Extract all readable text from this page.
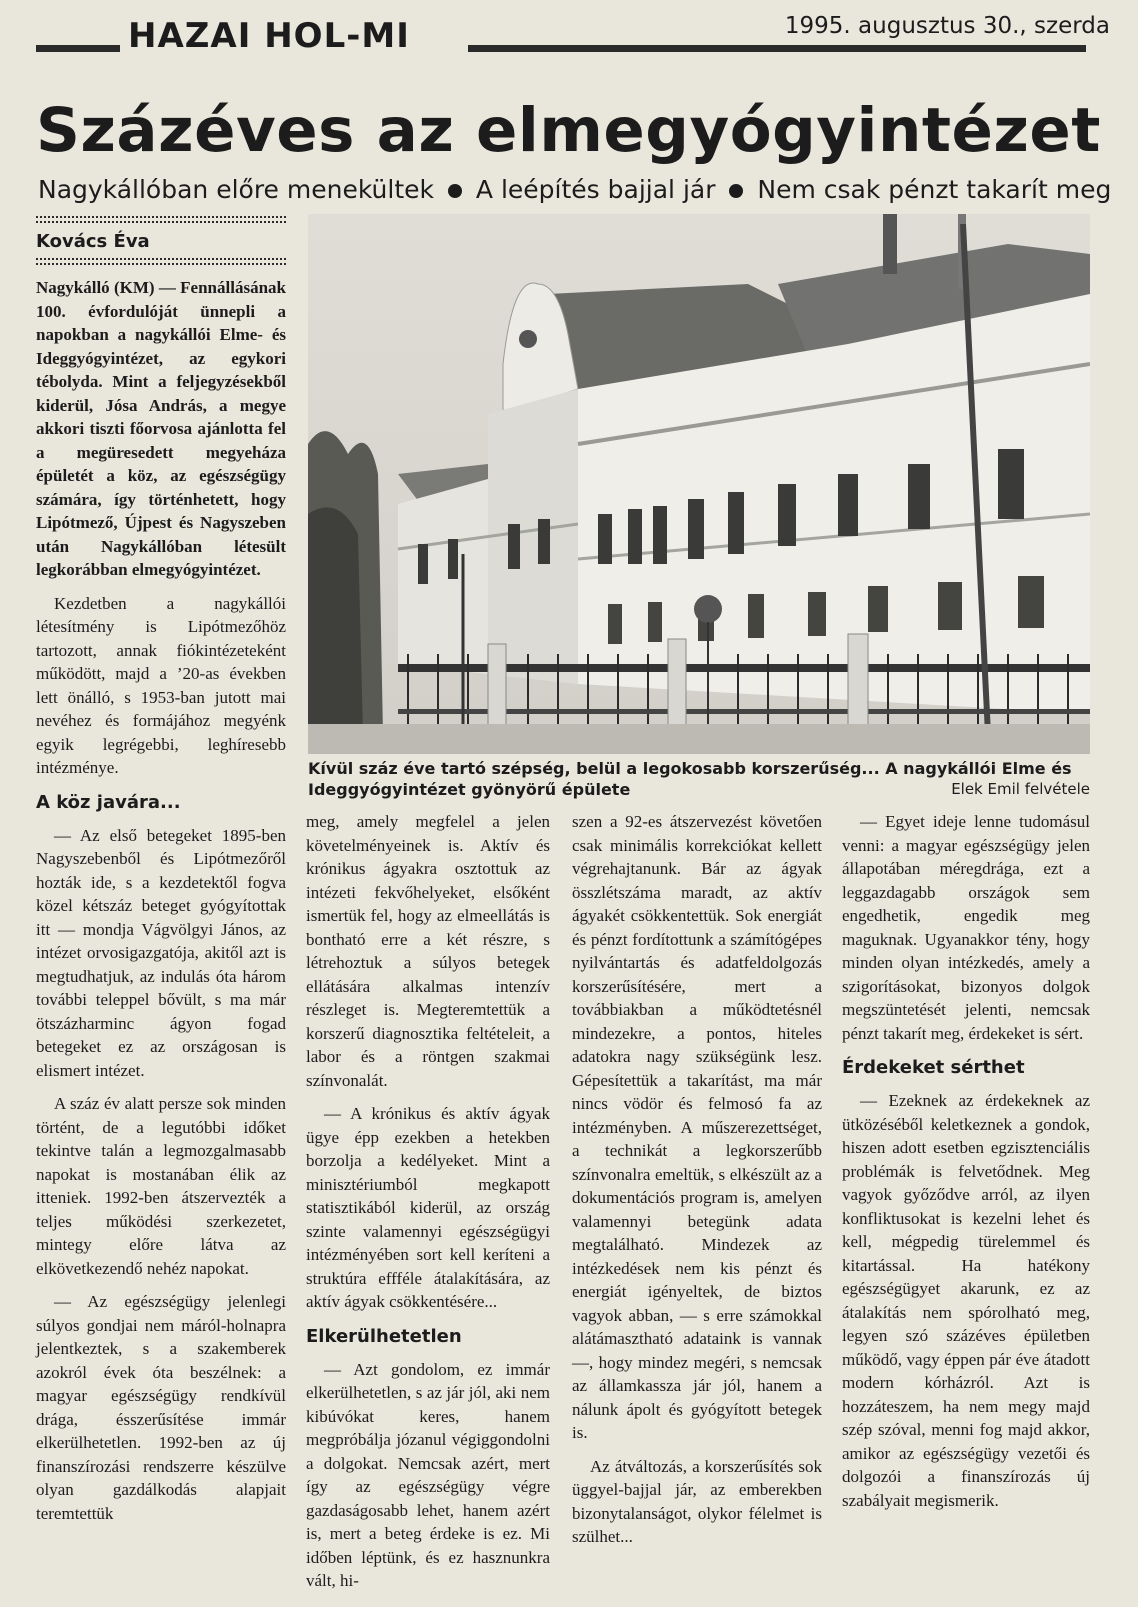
HAZAI HOL-MI	1995. augusztus 30., szerda
Százéves az elmegyógyintézet
Nagykállóban előre menekültek A leépítés bajjal jár Nem csak pénzt takarít meg

Kovács Éva

Nagykálló (KM) — Fennállásának 100. évfordulóját ünnepli a napokban a nagykállói Elme- és Ideggyógyintézet, az egykori tébolyda. Mint a feljegyzésekből kiderül, Jósa András, a megye akkori tiszti főorvosa ajánlotta fel a megüresedett megyeháza épületét a köz, az egészségügy számára, így történhetett, hogy Lipótmező, Újpest és Nagyszeben után Nagykállóban létesült legkorábban elmegyógyintézet.

Kezdetben a nagykállói létesítmény is Lipótmezőhöz tartozott, annak fiókintézeteként működött, majd a ’20-as években lett önálló, s 1953-ban jutott mai nevéhez és formájához megyénk egyik legrégebbi, leghíresebb intézménye.

A köz javára...

— Az első betegeket 1895-ben Nagyszebenből és Lipótmezőről hozták ide, s a kezdetektől fogva közel kétszáz beteget gyógyítottak itt — mondja Vágvölgyi János, az intézet orvosigazgatója, akitől azt is megtudhatjuk, az indulás óta három további teleppel bővült, s ma már ötszázharminc ágyon fogad betegeket ez az országosan is elismert intézet.

A száz év alatt persze sok minden történt, de a legutóbbi időket tekintve talán a legmozgalmasabb napokat is mostanában élik az itteniek. 1992-ben átszervezték a teljes működési szerkezetet, mintegy előre látva az elkövetkezendő nehéz napokat.

— Az egészségügy jelenlegi súlyos gondjai nem máról-holnapra jelentkeztek, s a szakemberek azokról évek óta beszélnek: a magyar egészségügy rendkívül drága, ésszerűsítése immár elkerülhetetlen. 1992-ben az új finanszírozási rendszerre készülve olyan gazdálkodás alapjait teremtettük

Kívül száz éve tartó szépség, belül a legokosabb korszerűség... A nagykállói Elme és Ideggyógyintézet gyönyörű épülete	Elek Emil felvétele

meg, amely megfelel a jelen követelményeinek is. Aktív és krónikus ágyakra osztottuk az intézeti fekvőhelyeket, elsőként ismertük fel, hogy az elmeellátás is bontható erre a két részre, s létrehoztuk a súlyos betegek ellátására alkalmas intenzív részleget is. Megteremtettük a korszerű diagnosztika feltételeit, a labor és a röntgen szakmai színvonalát.

— A krónikus és aktív ágyak ügye épp ezekben a hetekben borzolja a kedélyeket. Mint a minisztériumból megkapott statisztikából kiderül, az ország szinte valamennyi egészségügyi intézményében sort kell keríteni a struktúra effféle átalakítására, az aktív ágyak csökkentésére...

Elkerülhetetlen

— Azt gondolom, ez immár elkerülhetetlen, s az jár jól, aki nem kibúvókat keres, hanem megpróbálja józanul végiggondolni a dolgokat. Nemcsak azért, mert így az egészségügy végre gazdaságosabb lehet, hanem azért is, mert a beteg érdeke is ez. Mi időben léptünk, és ez hasznunkra vált, hi-

szen a 92-es átszervezést követően csak minimális korrekciókat kellett végrehajtanunk. Bár az ágyak összlétszáma maradt, az aktív ágyakét csökkentettük. Sok energiát és pénzt fordítottunk a számítógépes nyilvántartás és adatfeldolgozás korszerűsítésére, mert a továbbiakban a működtetésnél mindezekre, a pontos, hiteles adatokra nagy szükségünk lesz. Gépesítettük a takarítást, ma már nincs vödör és felmosó fa az intézményben. A műszerezettséget, a technikát a legkorszerűbb színvonalra emeltük, s elkészült az a dokumentációs program is, amelyen valamennyi betegünk adata megtalálható. Mindezek az intézkedések nem kis pénzt és energiát igényeltek, de biztos vagyok abban, — s erre számokkal alátámasztható adataink is vannak —, hogy mindez megéri, s nemcsak az államkassza jár jól, hanem a nálunk ápolt és gyógyított betegek is.

Az átváltozás, a korszerűsítés sok üggyel-bajjal jár, az emberekben bizonytalanságot, olykor félelmet is szülhet...

— Egyet ideje lenne tudomásul venni: a magyar egészségügy jelen állapotában méregdrága, ezt a leggazdagabb országok sem engedhetik, engedik meg maguknak. Ugyanakkor tény, hogy minden olyan intézkedés, amely a szigorításokat, bizonyos dolgok megszüntetését jelenti, nemcsak pénzt takarít meg, érdekeket is sért.

Érdekeket sérthet

— Ezeknek az érdekeknek az ütközéséből keletkeznek a gondok, hiszen adott esetben egzisztenciális problémák is felvetődnek. Meg vagyok győződve arról, az ilyen konfliktusokat is kezelni lehet és kell, mégpedig türelemmel és kitartással. Ha hatékony egészségügyet akarunk, ez az átalakítás nem spórolható meg, legyen szó százéves épületben működő, vagy éppen pár éve átadott modern kórházról. Azt is hozzáteszem, ha nem megy majd szép szóval, menni fog majd akkor, amikor az egészségügy vezetői és dolgozói a finanszírozás új szabályait megismerik.
